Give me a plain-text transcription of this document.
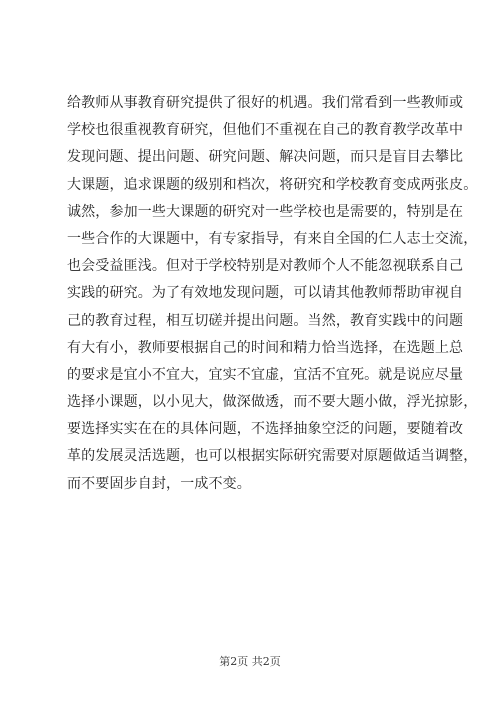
给教师从事教育研究提供了很好的机遇。我们常看到一些教师或
学校也很重视教育研究，但他们不重视在自己的教育教学改革中
发现问题、提出问题、研究问题、解决问题，而只是盲目去攀比
大课题，追求课题的级别和档次，将研究和学校教育变成两张皮。
诚然，参加一些大课题的研究对一些学校也是需要的，特别是在
一些合作的大课题中，有专家指导，有来自全国的仁人志士交流，
也会受益匪浅。但对于学校特别是对教师个人不能忽视联系自己
实践的研究。为了有效地发现问题，可以请其他教师帮助审视自
己的教育过程，相互切磋并提出问题。当然，教育实践中的问题
有大有小，教师要根据自己的时间和精力恰当选择，在选题上总
的要求是宜小不宜大，宜实不宜虚，宜活不宜死。就是说应尽量
选择小课题，以小见大，做深做透，而不要大题小做，浮光掠影，
要选择实实在在的具体问题，不选择抽象空泛的问题，要随着改
革的发展灵活选题，也可以根据实际研究需要对原题做适当调整，
而不要固步自封，一成不变。
第2页 共2页
